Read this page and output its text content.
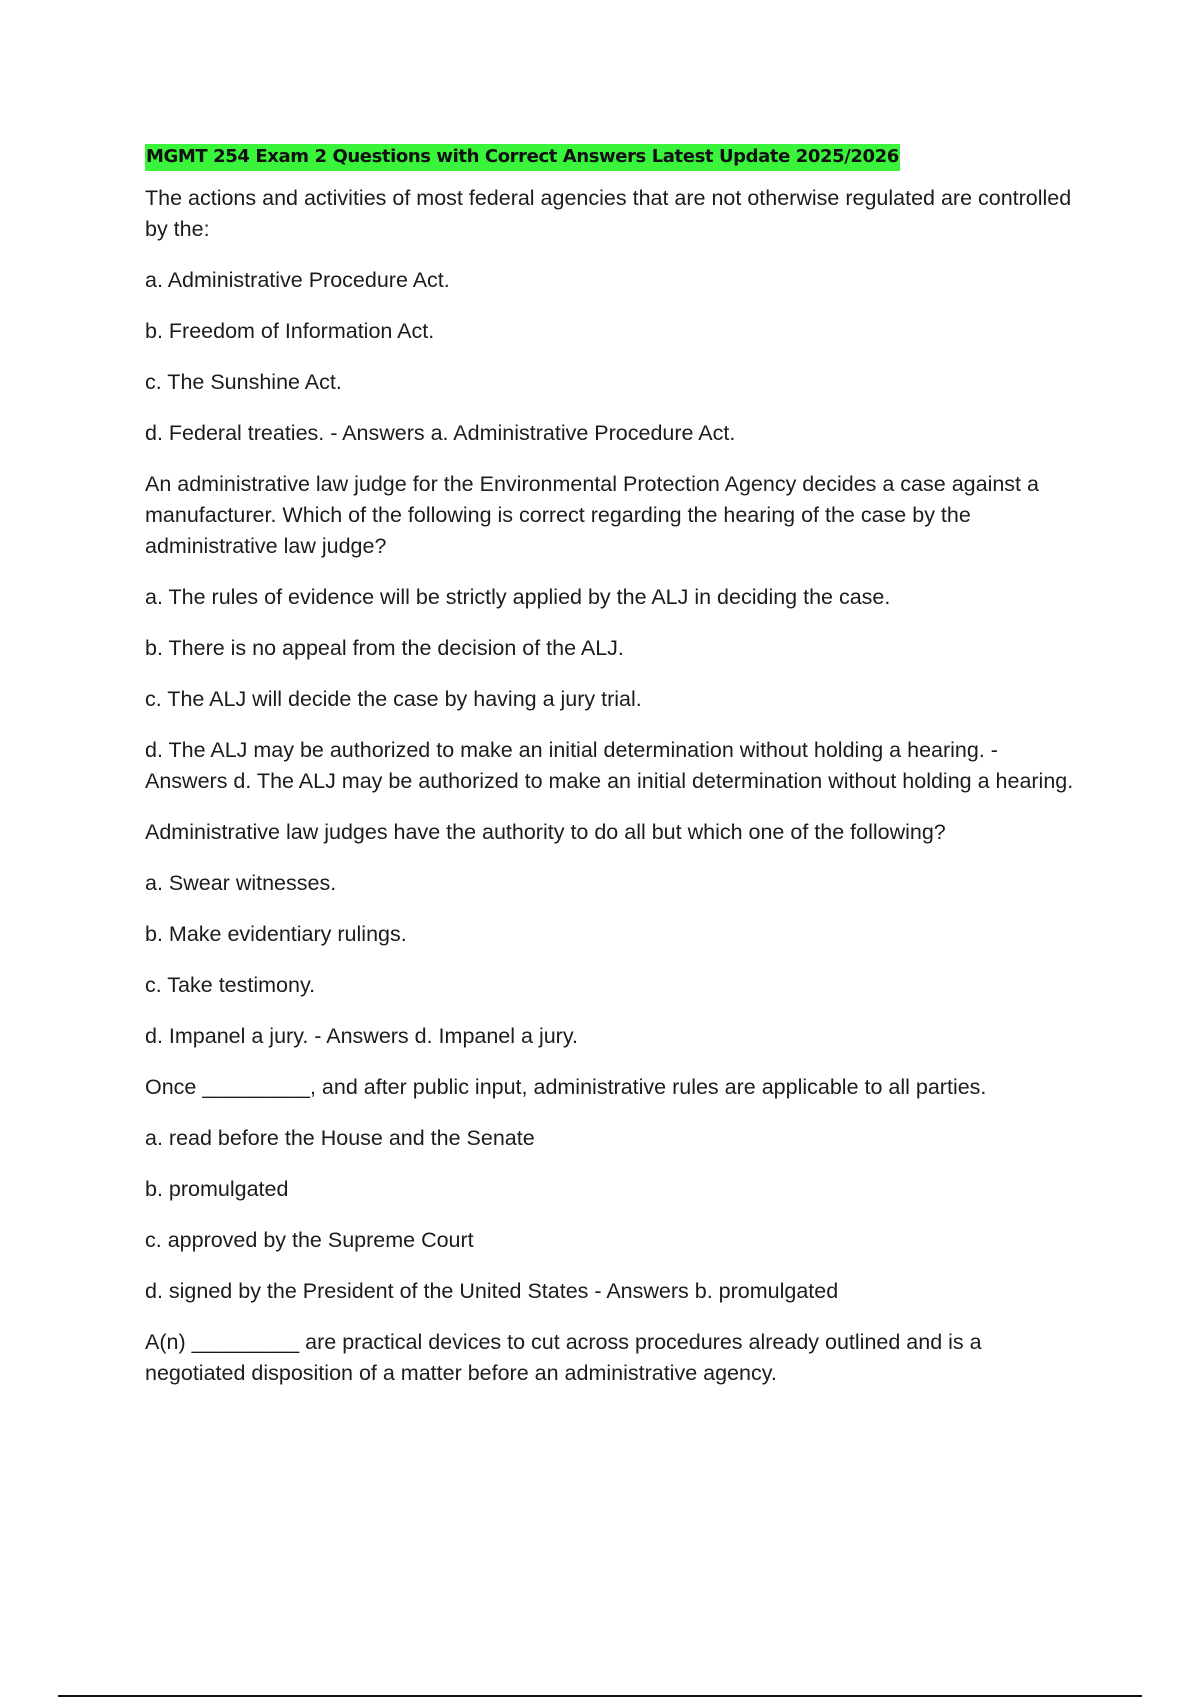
MGMT 254 Exam 2 Questions with Correct Answers Latest Update 2025/2026

The actions and activities of most federal agencies that are not otherwise regulated are controlled by the:

a. Administrative Procedure Act.

b. Freedom of Information Act.

c. The Sunshine Act.

d. Federal treaties. - Answers a. Administrative Procedure Act.

An administrative law judge for the Environmental Protection Agency decides a case against a manufacturer. Which of the following is correct regarding the hearing of the case by the administrative law judge?

a. The rules of evidence will be strictly applied by the ALJ in deciding the case.

b. There is no appeal from the decision of the ALJ.

c. The ALJ will decide the case by having a jury trial.

d. The ALJ may be authorized to make an initial determination without holding a hearing. - Answers d. The ALJ may be authorized to make an initial determination without holding a hearing.

Administrative law judges have the authority to do all but which one of the following?

a. Swear witnesses.

b. Make evidentiary rulings.

c. Take testimony.

d. Impanel a jury. - Answers d. Impanel a jury.

Once _________, and after public input, administrative rules are applicable to all parties.

a. read before the House and the Senate

b. promulgated

c. approved by the Supreme Court

d. signed by the President of the United States - Answers b. promulgated

A(n) _________ are practical devices to cut across procedures already outlined and is a negotiated disposition of a matter before an administrative agency.
